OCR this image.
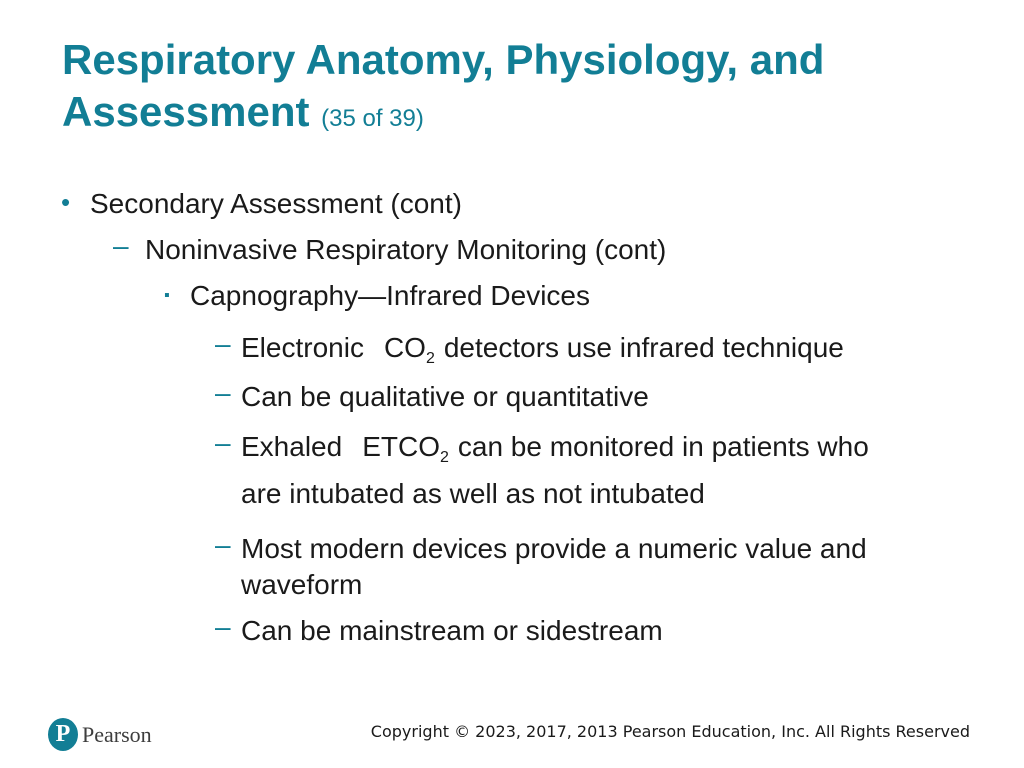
Respiratory Anatomy, Physiology, and Assessment (35 of 39)
• Secondary Assessment (cont)
– Noninvasive Respiratory Monitoring (cont)
▪ Capnography—Infrared Devices
– Electronic $CO_2$ detectors use infrared technique
– Can be qualitative or quantitative
– Exhaled $ETCO_2$ can be monitored in patients who
are intubated as well as not intubated
– Most modern devices provide a numeric value and
waveform
– Can be mainstream or sidestream
P Pearson	Copyright © 2023, 2017, 2013 Pearson Education, Inc. All Rights Reserved
